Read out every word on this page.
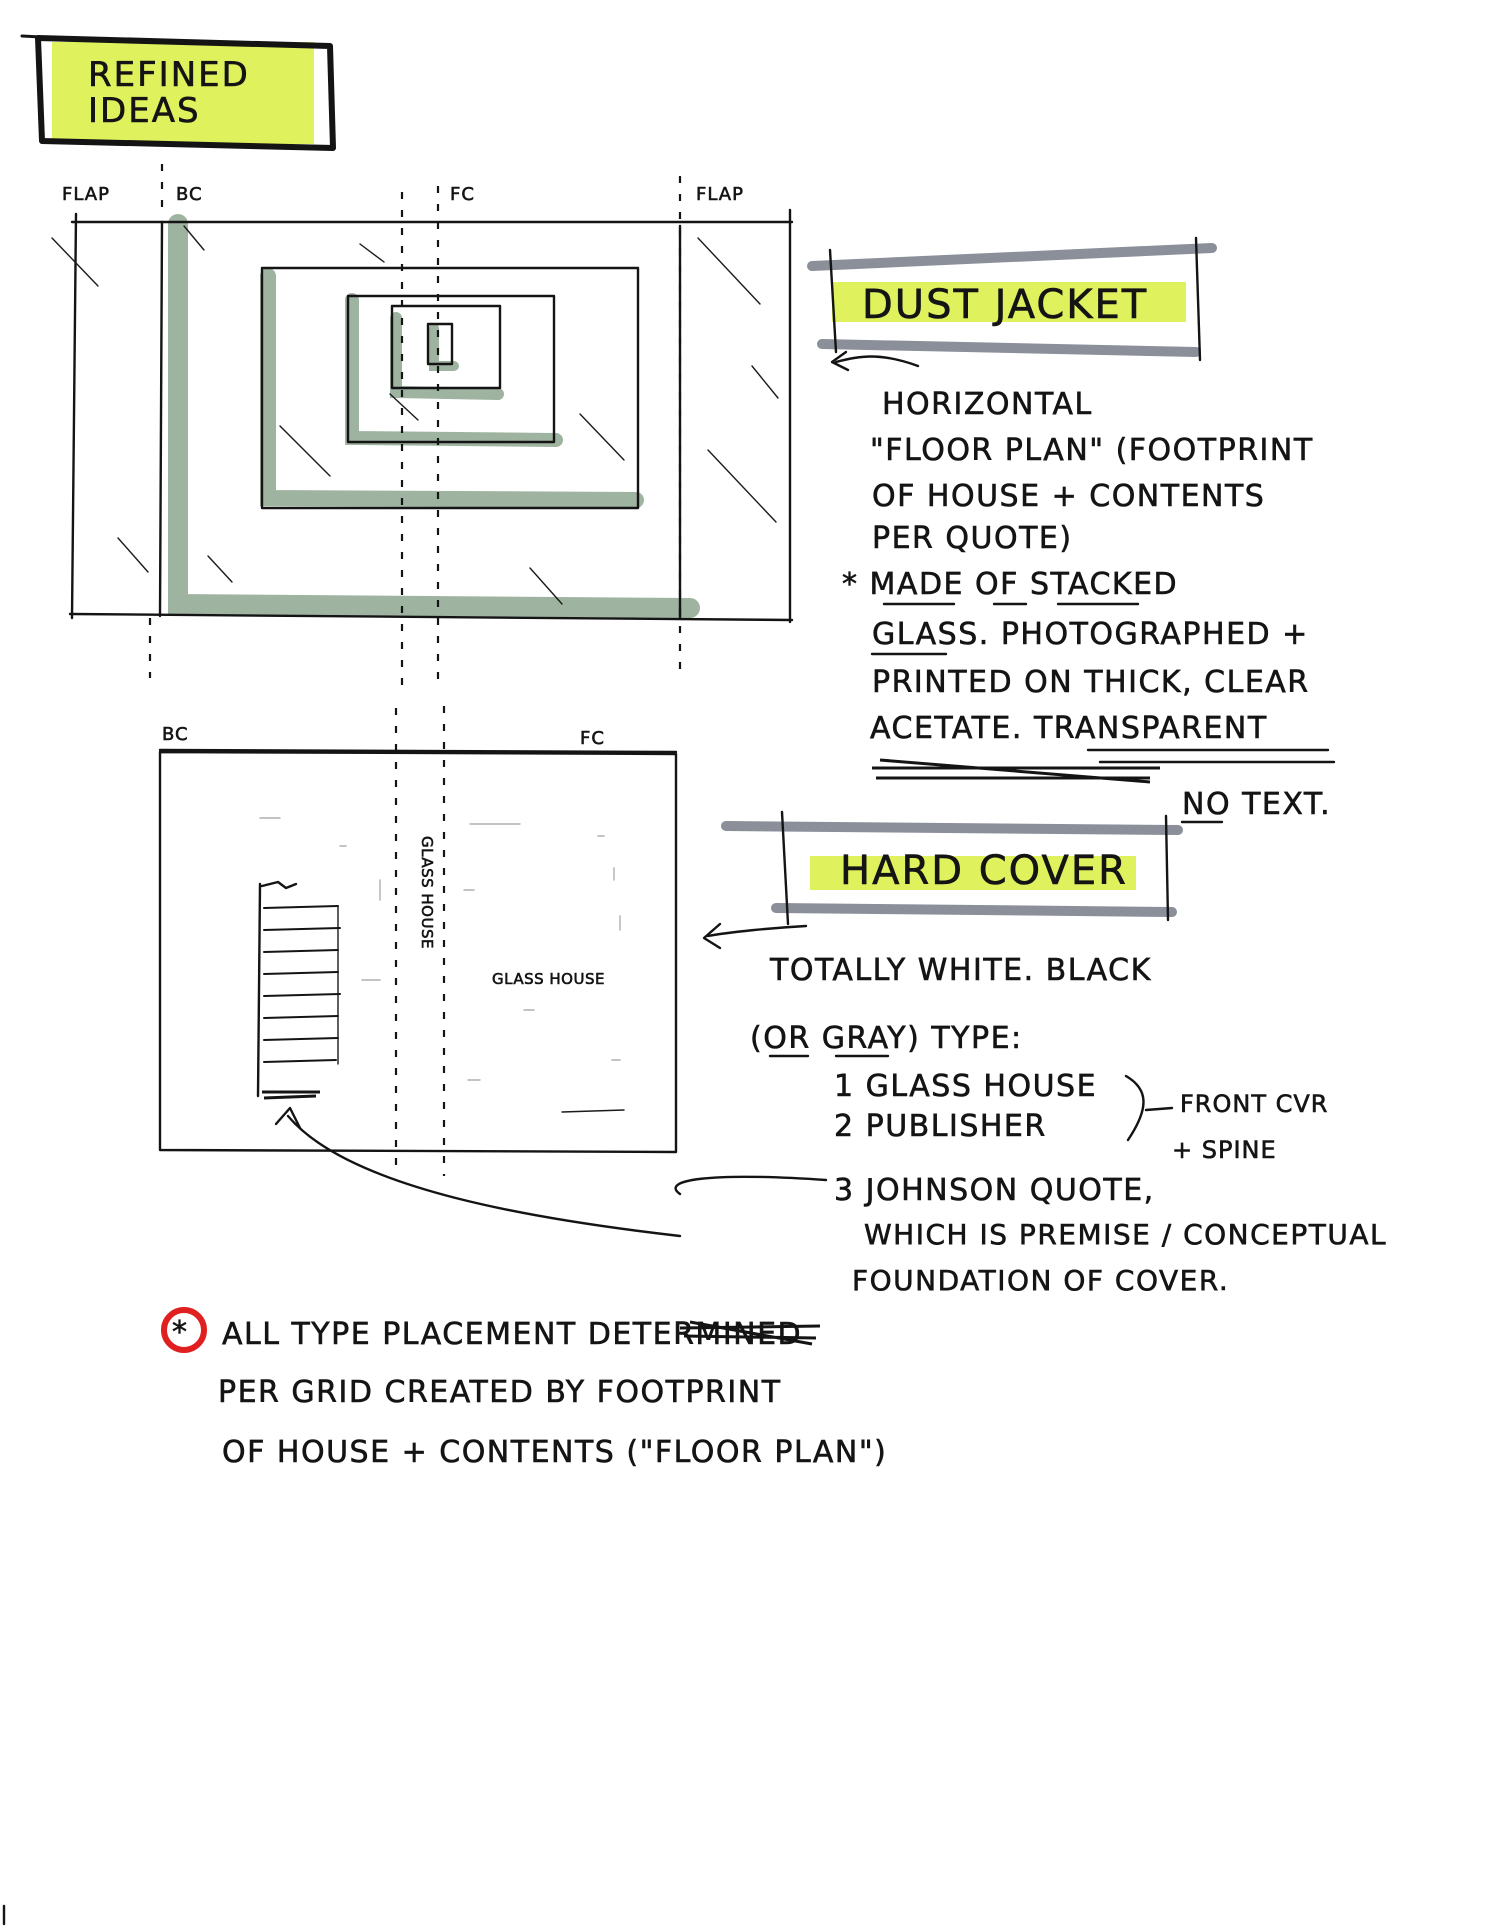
REFINED
IDEAS
FLAP	BC	FC	FLAP
BC	FC
GLASS HOUSE
GLASS HOUSE
DUST JACKET
HORIZONTAL
"FLOOR PLAN" (FOOTPRINT
OF HOUSE + CONTENTS
PER QUOTE)
* MADE OF STACKED
GLASS. PHOTOGRAPHED +
PRINTED ON THICK, CLEAR
ACETATE. TRANSPARENT
NO TEXT.
HARD COVER
TOTALLY WHITE. BLACK
(OR GRAY) TYPE:
1 GLASS HOUSE
2 PUBLISHER
FRONT CVR
+ SPINE
3 JOHNSON QUOTE,
WHICH IS PREMISE / CONCEPTUAL
FOUNDATION OF COVER.
* ALL TYPE PLACEMENT DETERMINED
PER GRID CREATED BY FOOTPRINT
OF HOUSE + CONTENTS ("FLOOR PLAN")
